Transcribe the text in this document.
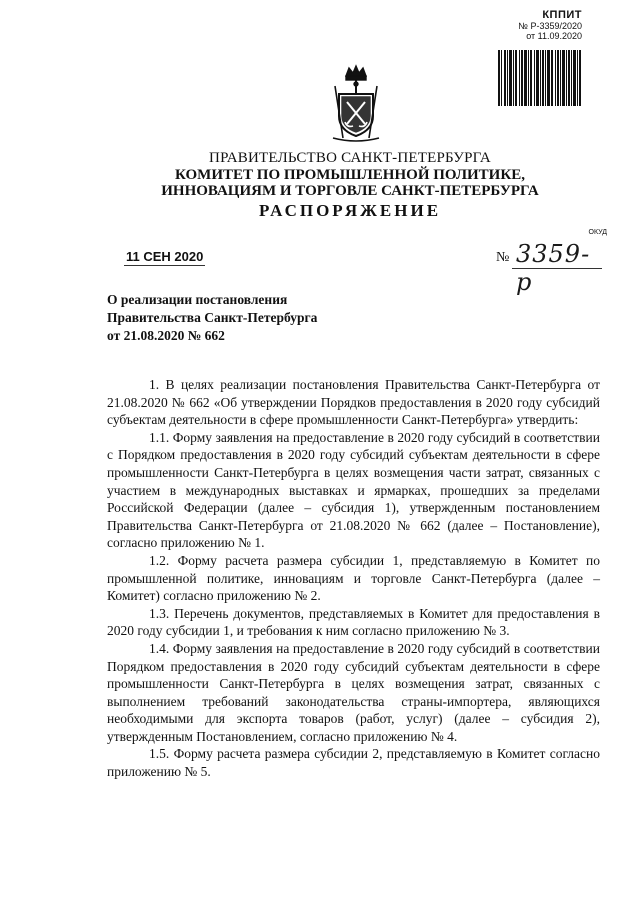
КППИТ
№ Р-3359/2020
от 11.09.2020
ПРАВИТЕЛЬСТВО САНКТ-ПЕТЕРБУРГА
КОМИТЕТ ПО ПРОМЫШЛЕННОЙ ПОЛИТИКЕ,
ИННОВАЦИЯМ И ТОРГОВЛЕ САНКТ-ПЕТЕРБУРГА
РАСПОРЯЖЕНИЕ
ОКУД
11 СЕН 2020	№ 3359-р
О реализации постановления
Правительства Санкт-Петербурга
от 21.08.2020 № 662

1. В целях реализации постановления Правительства Санкт-Петербурга от 21.08.2020 № 662 «Об утверждении Порядков предоставления в 2020 году субсидий субъектам деятельности в сфере промышленности Санкт-Петербурга» утвердить:

1.1. Форму заявления на предоставление в 2020 году субсидий в соответствии с Порядком предоставления в 2020 году субсидий субъектам деятельности в сфере промышленности Санкт-Петербурга в целях возмещения части затрат, связанных с участием в международных выставках и ярмарках, прошедших за пределами Российской Федерации (далее – субсидия 1), утвержденным постановлением Правительства Санкт-Петербурга от 21.08.2020 № 662 (далее – Постановление), согласно приложению № 1.

1.2. Форму расчета размера субсидии 1, представляемую в Комитет по промышленной политике, инновациям и торговле Санкт-Петербурга (далее – Комитет) согласно приложению № 2.

1.3. Перечень документов, представляемых в Комитет для предоставления в 2020 году субсидии 1, и требования к ним согласно приложению № 3.

1.4. Форму заявления на предоставление в 2020 году субсидий в соответствии Порядком предоставления в 2020 году субсидий субъектам деятельности в сфере промышленности Санкт-Петербурга в целях возмещения затрат, связанных с выполнением требований законодательства страны-импортера, являющихся необходимыми для экспорта товаров (работ, услуг) (далее – субсидия 2), утвержденным Постановлением, согласно приложению № 4.

1.5. Форму расчета размера субсидии 2, представляемую в Комитет согласно приложению № 5.
